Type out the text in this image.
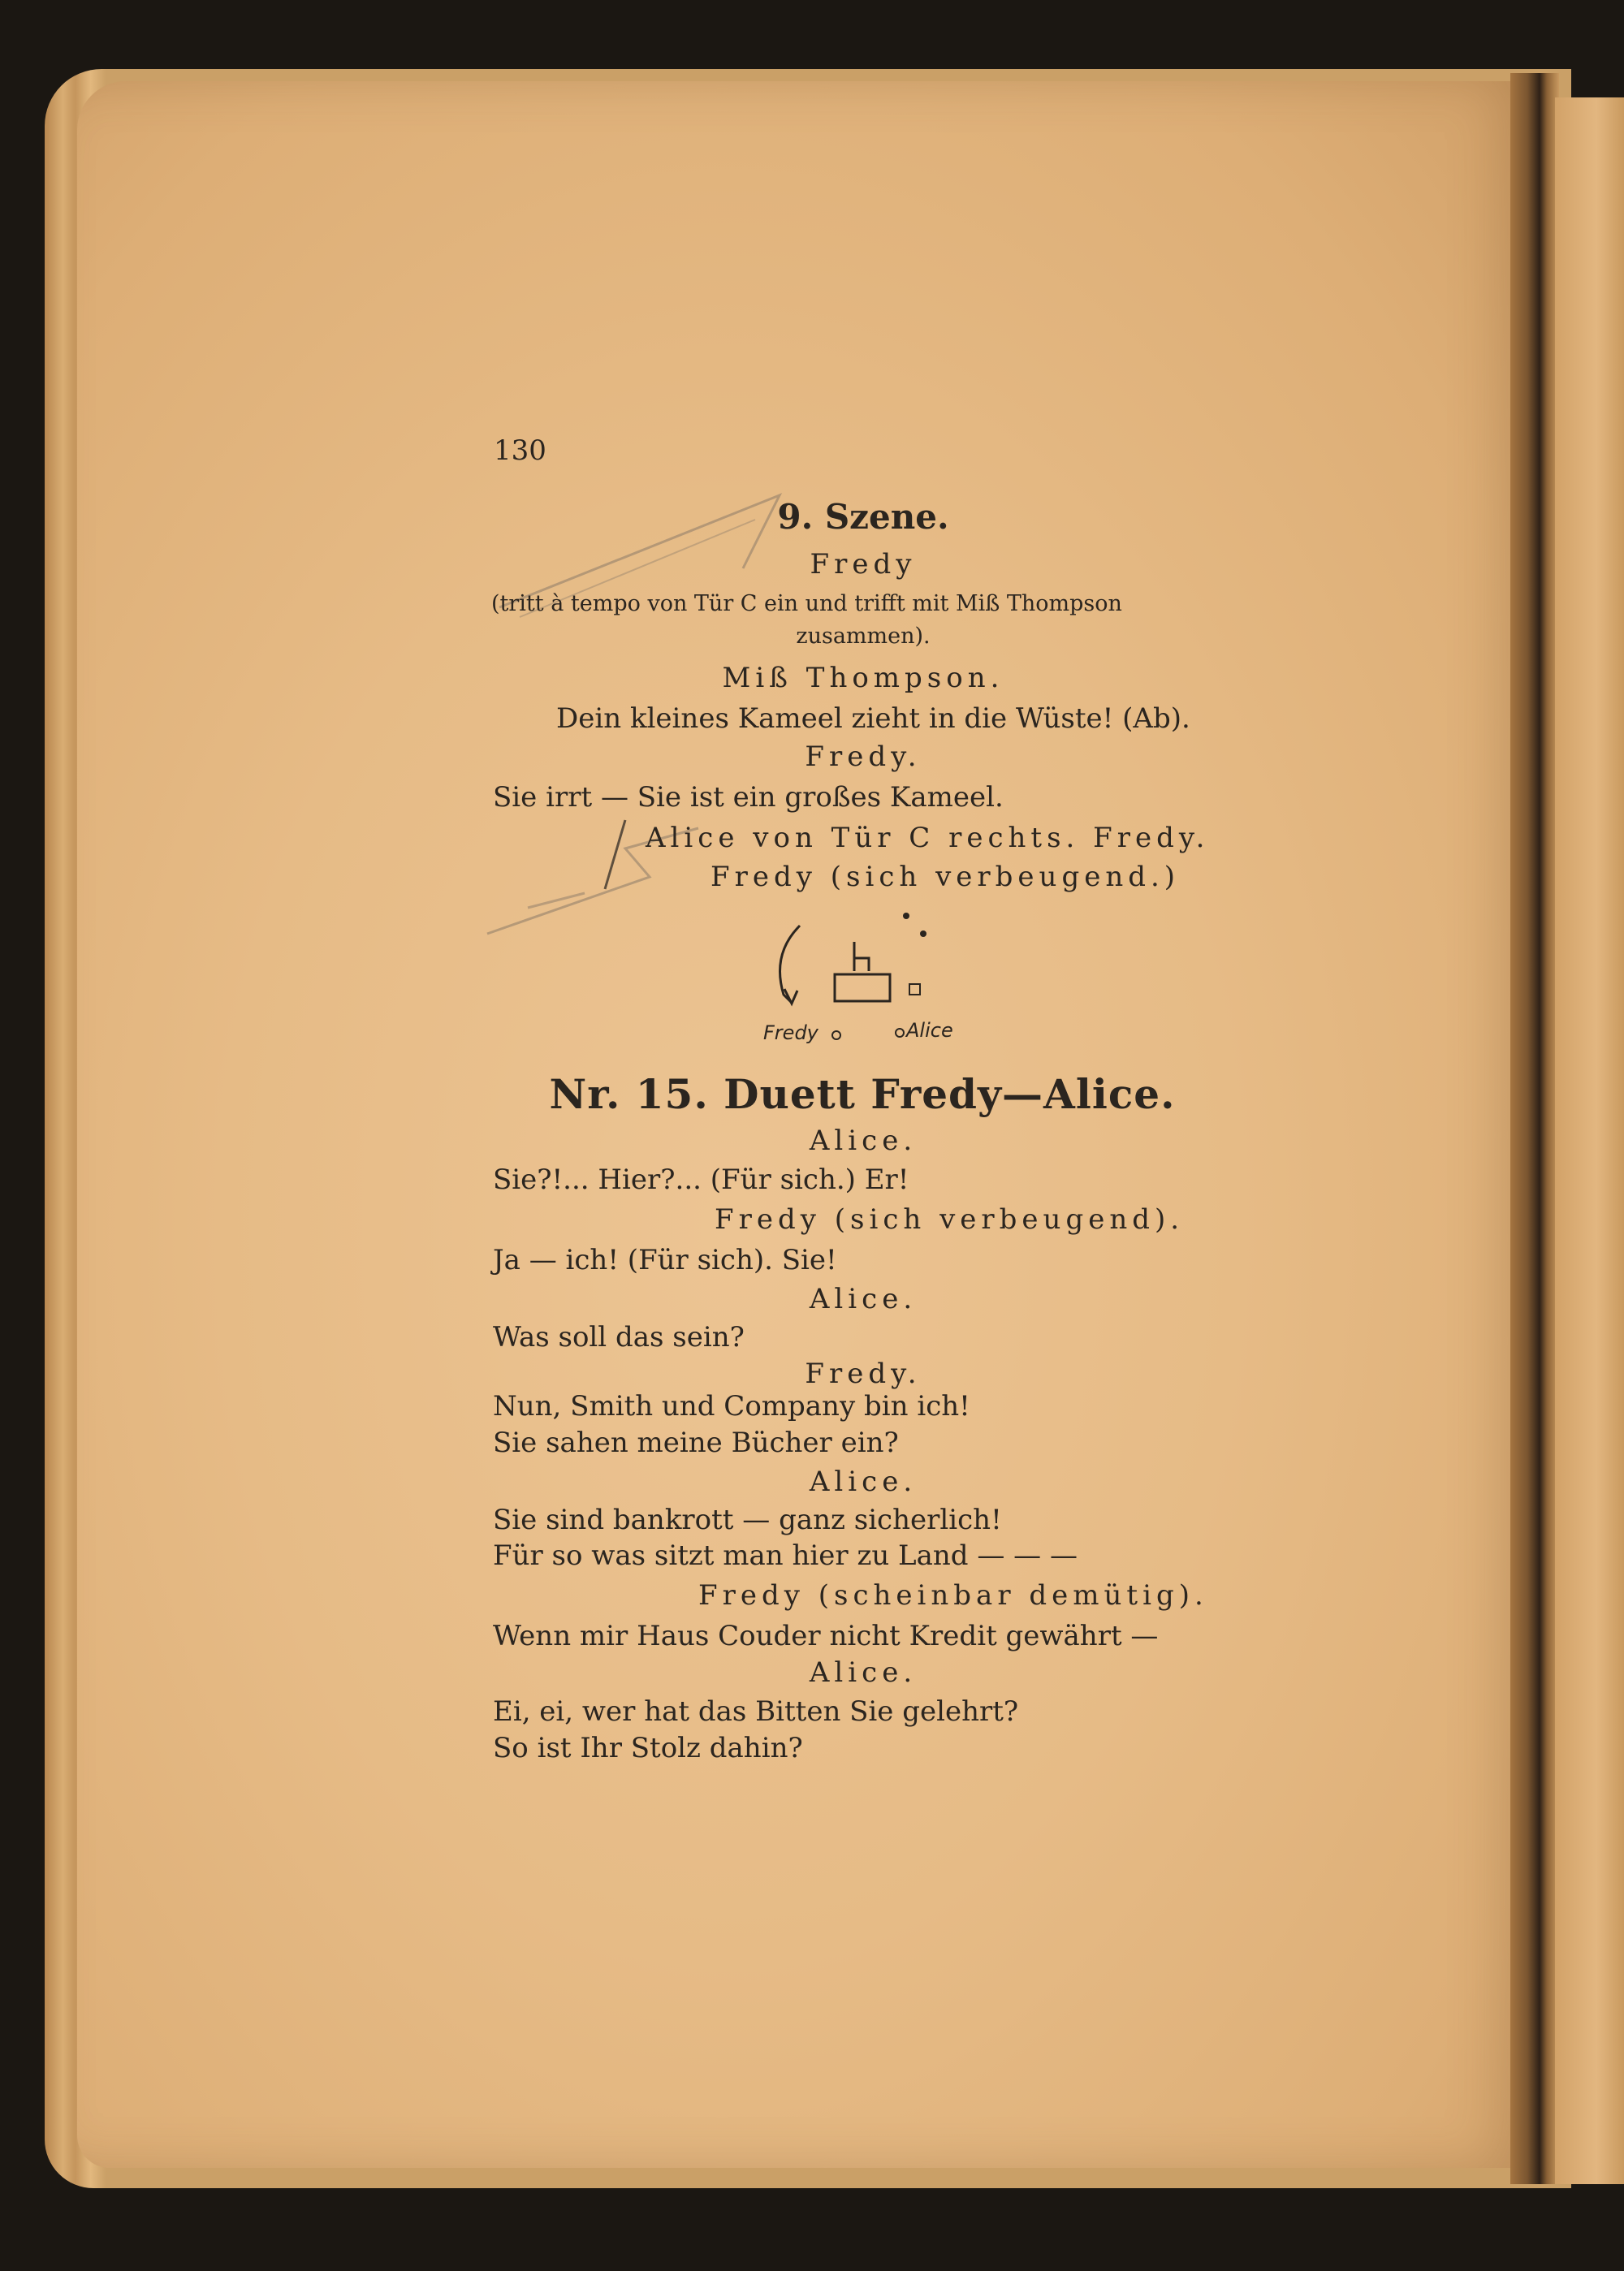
130
9. Szene.
Fredy
(tritt à tempo von Tür C ein und trifft mit Miß Thompson
zusammen).
Miß Thompson.
Dein kleines Kameel zieht in die Wüste! (Ab).
Fredy.
Sie irrt — Sie ist ein großes Kameel.
Alice von Tür C rechts. Fredy.
Fredy (sich verbeugend.)
Fredy	Alice
Nr. 15. Duett Fredy—Alice.
Alice.
Sie?!... Hier?... (Für sich.) Er!
Fredy (sich verbeugend).
Ja — ich! (Für sich). Sie!
Alice.
Was soll das sein?
Fredy.
Nun, Smith und Company bin ich!
Sie sahen meine Bücher ein?
Alice.
Sie sind bankrott — ganz sicherlich!
Für so was sitzt man hier zu Land — — —
Fredy (scheinbar demütig).
Wenn mir Haus Couder nicht Kredit gewährt —
Alice.
Ei, ei, wer hat das Bitten Sie gelehrt?
So ist Ihr Stolz dahin?
